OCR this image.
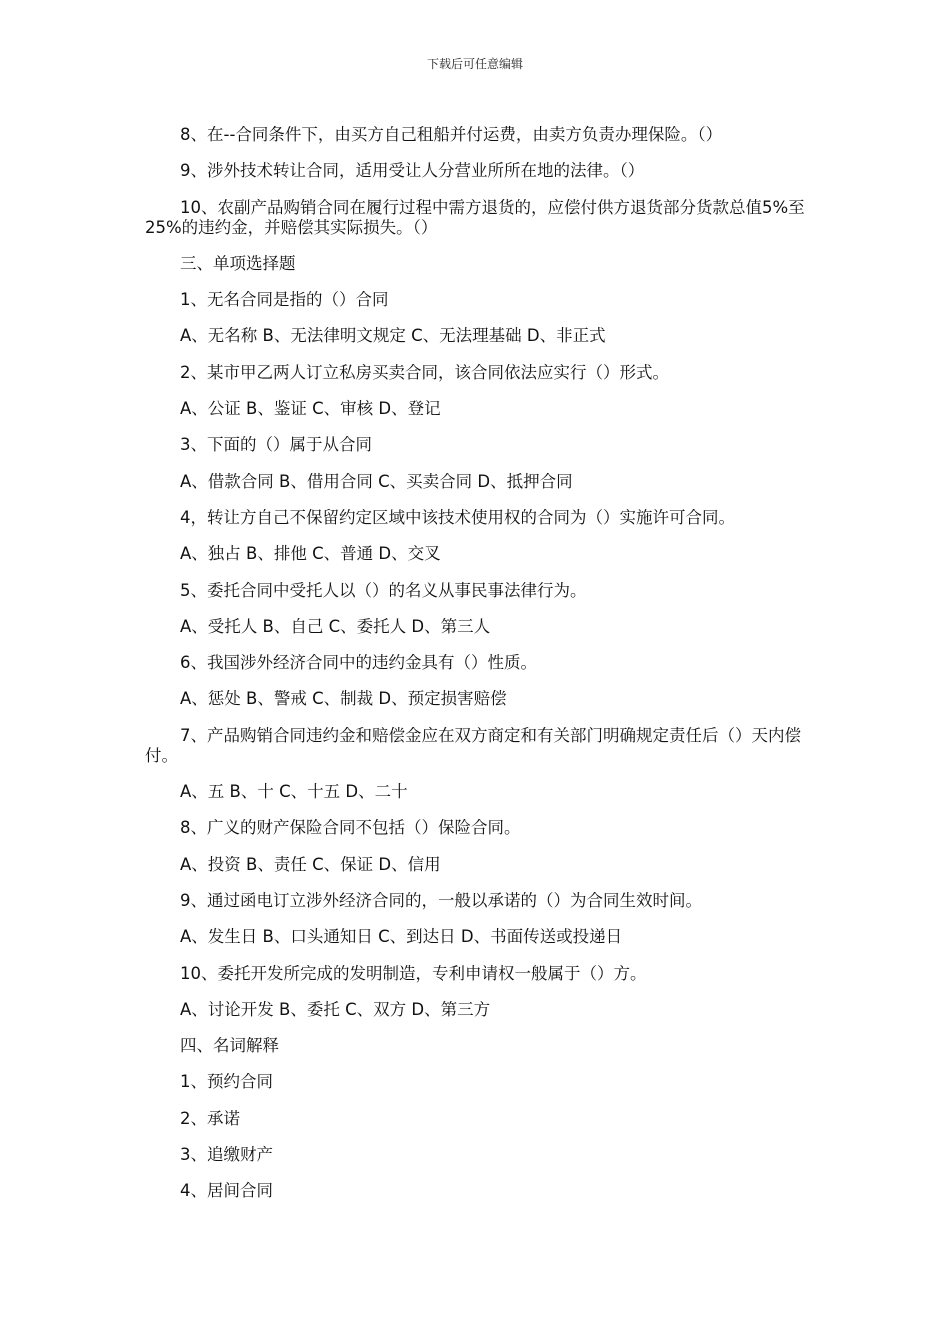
下载后可任意编辑

8、在--合同条件下，由买方自己租船并付运费，由卖方负责办理保险。（）

9、涉外技术转让合同，适用受让人分营业所所在地的法律。（）

10、农副产品购销合同在履行过程中需方退货的，应偿付供方退货部分货款总值5%至 25%的违约金，并赔偿其实际损失。（）

三、单项选择题

1、无名合同是指的（）合同

A、无名称 B、无法律明文规定 C、无法理基础 D、非正式

2、某市甲乙两人订立私房买卖合同，该合同依法应实行（）形式。

A、公证 B、鉴证 C、审核 D、登记

3、下面的（）属于从合同

A、借款合同 B、借用合同 C、买卖合同 D、抵押合同

4，转让方自己不保留约定区域中该技术使用权的合同为（）实施许可合同。

A、独占 B、排他 C、普通 D、交叉

5、委托合同中受托人以（）的名义从事民事法律行为。

A、受托人 B、自己 C、委托人 D、第三人

6、我国涉外经济合同中的违约金具有（）性质。

A、惩处 B、警戒 C、制裁 D、预定损害赔偿

7、产品购销合同违约金和赔偿金应在双方商定和有关部门明确规定责任后（）天内偿付。

A、五 B、十 C、十五 D、二十

8、广义的财产保险合同不包括（）保险合同。

A、投资 B、责任 C、保证 D、信用

9、通过函电订立涉外经济合同的，一般以承诺的（）为合同生效时间。

A、发生日 B、口头通知日 C、到达日 D、书面传送或投递日

10、委托开发所完成的发明制造，专利申请权一般属于（）方。

A、讨论开发 B、委托 C、双方 D、第三方

四、名词解释

1、预约合同

2、承诺

3、追缴财产

4、居间合同
